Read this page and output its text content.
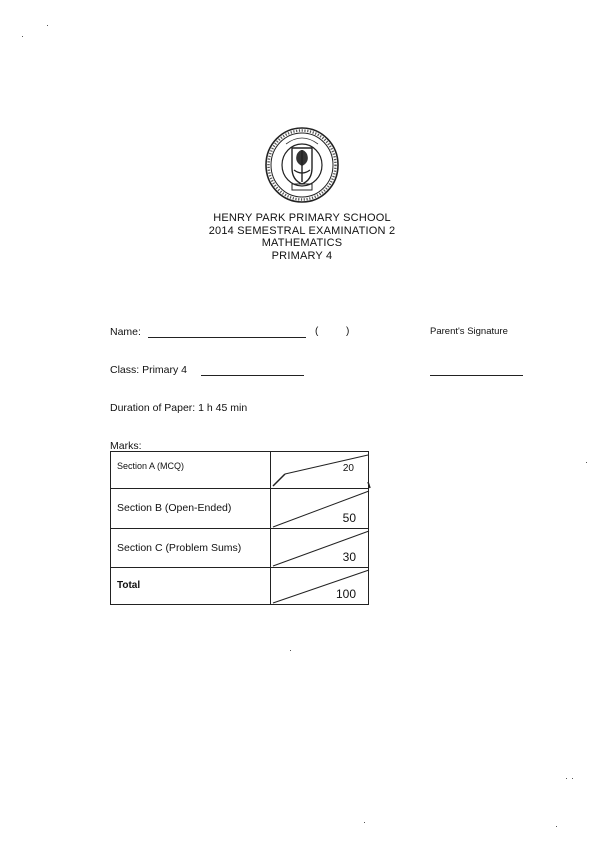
HENRY PARK PRIMARY SCHOOL
2014 SEMESTRAL EXAMINATION 2
MATHEMATICS
PRIMARY 4
Name:	(	)	Parent's Signature
Class: Primary 4
Duration of Paper: 1 h 45 min
Marks:
Section A (MCQ)	20

Section B (Open-Ended)	50

Section C (Problem Sums)	30

Total	100
